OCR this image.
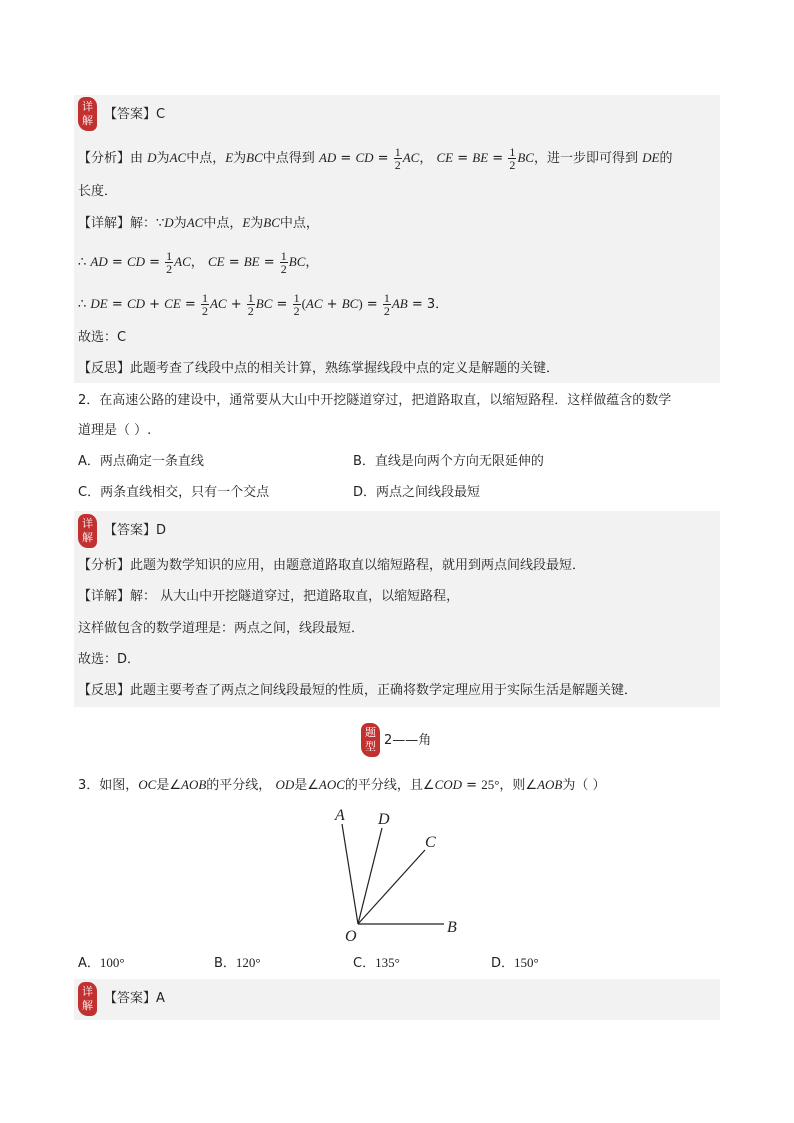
详
解 【答案】C
【分析】由 D为AC中点，E为BC中点得到 AD = CD = $\frac{1}{2}$ AC， CE = BE = $\frac{1}{2}$ BC，进一步即可得到 DE的
长度．
【详解】解：∵D为AC中点，E为BC中点，
∴ AD = CD = $\frac{1}{2}$ AC， CE = BE = $\frac{1}{2}$ BC，
∴ DE = CD + CE = $\frac{1}{2}$ AC + $\frac{1}{2}$ BC = $\frac{1}{2} (AC + BC) = \frac{1}{2}$ AB = 3．
故选：C
【反思】此题考查了线段中点的相关计算，熟练掌握线段中点的定义是解题的关键．
2．在高速公路的建设中，通常要从大山中开挖隧道穿过，把道路取直，以缩短路程．这样做蕴含的数学
道理是（ ）.
A．两点确定一条直线	B．直线是向两个方向无限延伸的
C．两条直线相交，只有一个交点	D．两点之间线段最短
详
解 【答案】D
【分析】此题为数学知识的应用，由题意道路取直以缩短路程，就用到两点间线段最短．
【详解】解： 从大山中开挖隧道穿过，把道路取直，以缩短路程，
这样做包含的数学道理是：两点之间，线段最短．
故选：D．
【反思】此题主要考查了两点之间线段最短的性质，正确将数学定理应用于实际生活是解题关键．
题
型 2——角
3．如图，OC是∠AOB的平分线， OD是∠AOC的平分线，且∠COD = 25°，则∠AOB为（ ）
A D
C
B
O
A．100°	B．120°	C．135°	D．150°
详
解 【答案】A
